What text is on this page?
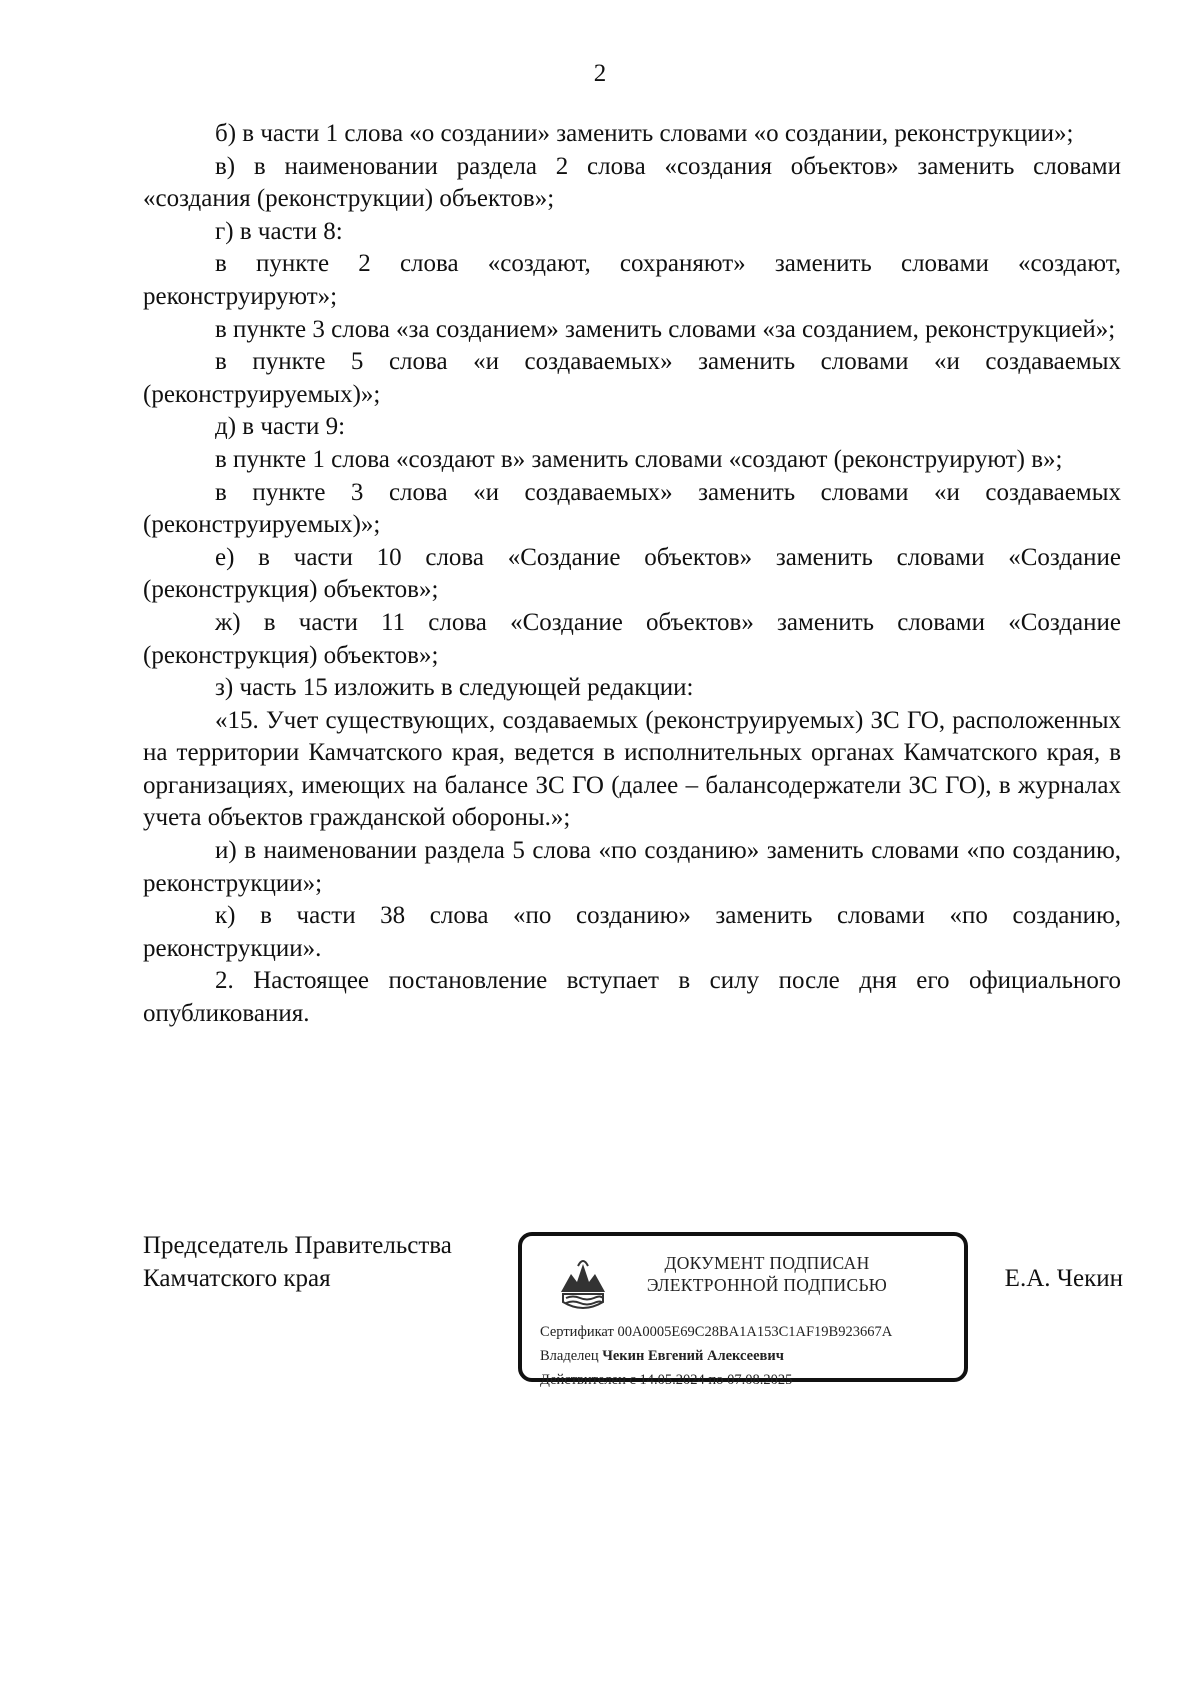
2

б) в части 1 слова «о создании» заменить словами «о создании, реконструкции»;

в) в наименовании раздела 2 слова «создания объектов» заменить словами «создания (реконструкции) объектов»;

г) в части 8:

в пункте 2 слова «создают, сохраняют» заменить словами «создают, реконструируют»;

в пункте 3 слова «за созданием» заменить словами «за созданием, реконструкцией»;

в пункте 5 слова «и создаваемых» заменить словами «и создаваемых (реконструируемых)»;

д) в части 9:

в пункте 1 слова «создают в» заменить словами «создают (реконструируют) в»;

в пункте 3 слова «и создаваемых» заменить словами «и создаваемых (реконструируемых)»;

е) в части 10 слова «Создание объектов» заменить словами «Создание (реконструкция) объектов»;

ж) в части 11 слова «Создание объектов» заменить словами «Создание (реконструкция) объектов»;

з) часть 15 изложить в следующей редакции:

«15. Учет существующих, создаваемых (реконструируемых) ЗС ГО, расположенных на территории Камчатского края, ведется в исполнительных органах Камчатского края, в организациях, имеющих на балансе ЗС ГО (далее – балансодержатели ЗС ГО), в журналах учета объектов гражданской обороны.»;

и) в наименовании раздела 5 слова «по созданию» заменить словами «по созданию, реконструкции»;

к) в части 38 слова «по созданию» заменить словами «по созданию, реконструкции».

2. Настоящее постановление вступает в силу после дня его официального опубликования.

Председатель Правительства
Камчатского края
ДОКУМЕНТ ПОДПИСАН
ЭЛЕКТРОННОЙ ПОДПИСЬЮ
Сертификат 00A0005E69C28BA1A153C1AF19B923667A
Владелец Чекин Евгений Алексеевич
Действителен с 14.05.2024 по 07.08.2025
Е.А. Чекин
